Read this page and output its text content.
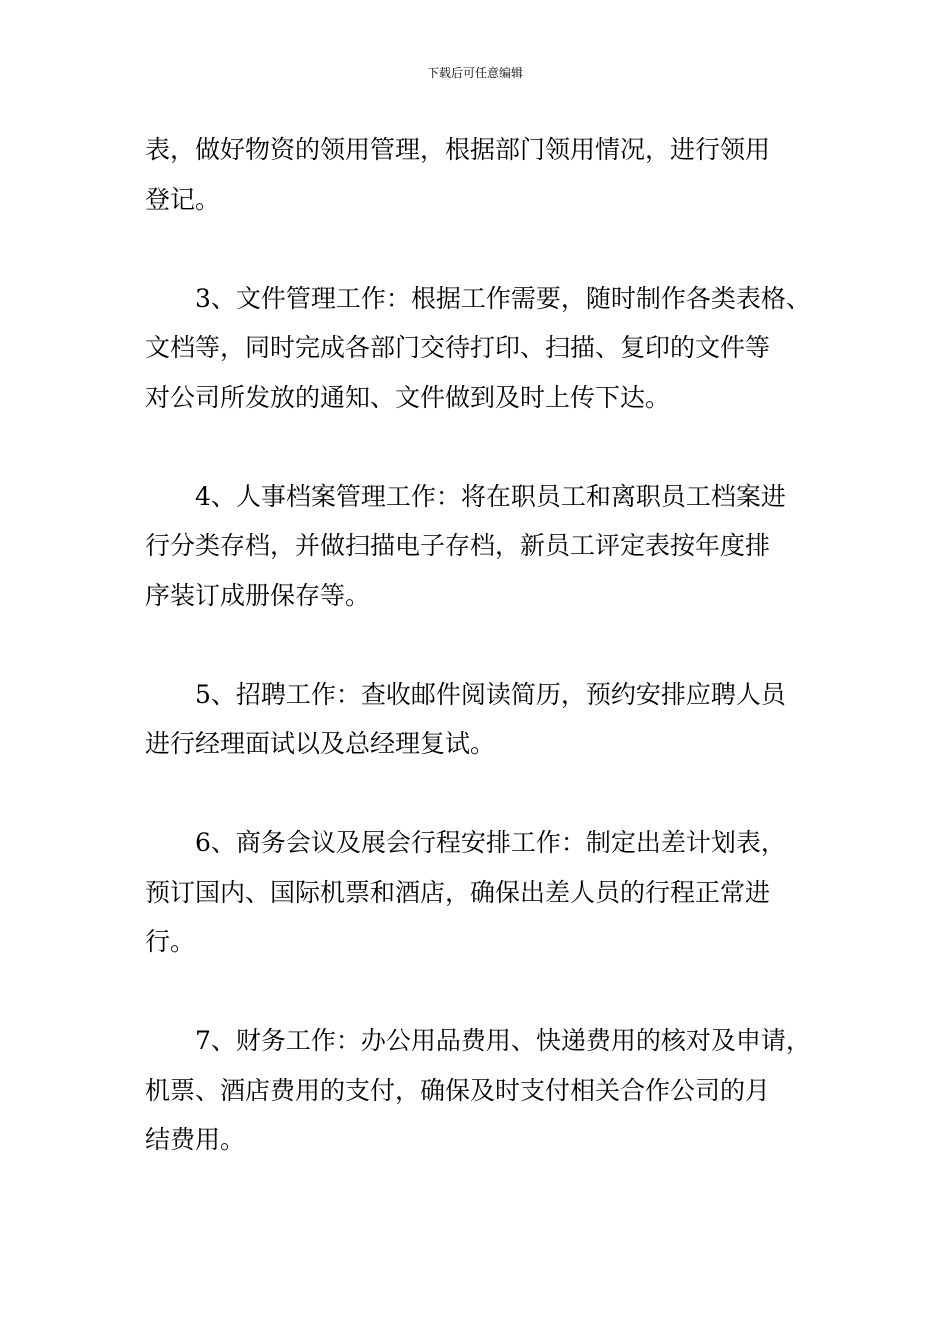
下载后可任意编辑

表，做好物资的领用管理，根据部门领用情况，进行领用
登记。

3、文件管理工作：根据工作需要，随时制作各类表格、
文档等，同时完成各部门交待打印、扫描、复印的文件等
对公司所发放的通知、文件做到及时上传下达。

4、人事档案管理工作：将在职员工和离职员工档案进
行分类存档，并做扫描电子存档，新员工评定表按年度排
序装订成册保存等。

5、招聘工作：查收邮件阅读简历，预约安排应聘人员
进行经理面试以及总经理复试。

6、商务会议及展会行程安排工作：制定出差计划表，
预订国内、国际机票和酒店，确保出差人员的行程正常进
行。

7、财务工作：办公用品费用、快递费用的核对及申请，
机票、酒店费用的支付，确保及时支付相关合作公司的月
结费用。
